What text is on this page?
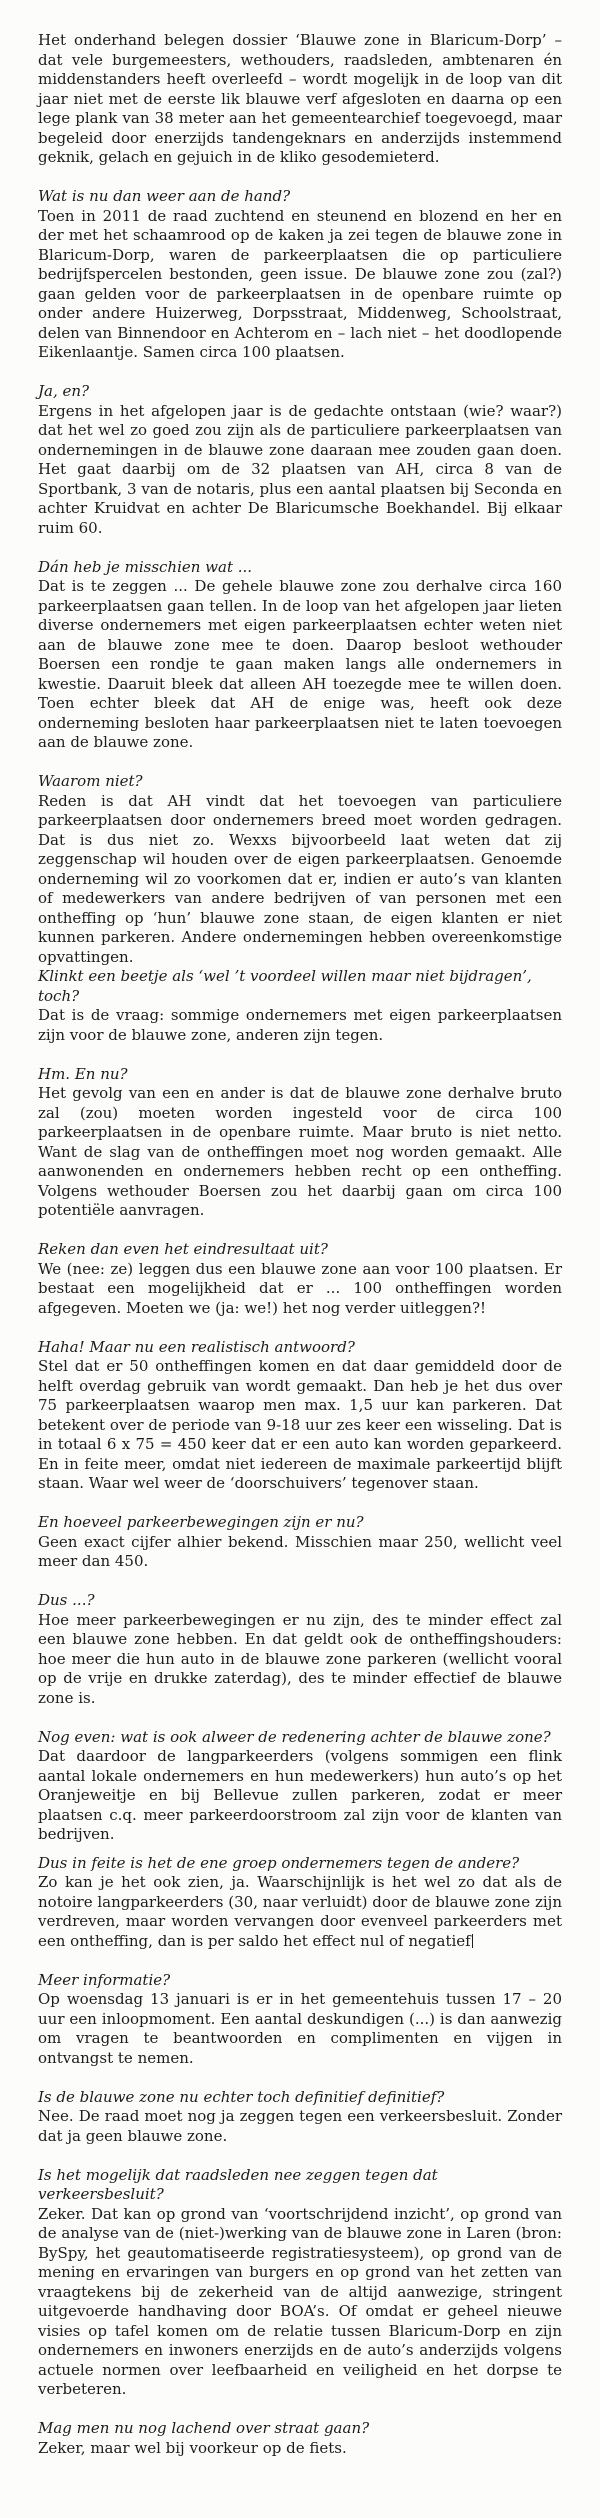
Het onderhand belegen dossier ‘Blauwe zone in Blaricum-Dorp’ – dat vele burgemeesters, wethouders, raadsleden, ambtenaren én middenstanders heeft overleefd – wordt mogelijk in de loop van dit jaar niet met de eerste lik blauwe verf afgesloten en daarna op een lege plank van 38 meter aan het gemeentearchief toegevoegd, maar begeleid door enerzijds tandengeknars en anderzijds instemmend geknik, gelach en gejuich in de kliko gesodemieterd.

Wat is nu dan weer aan de hand?

Toen in 2011 de raad zuchtend en steunend en blozend en her en der met het schaamrood op de kaken ja zei tegen de blauwe zone in Blaricum-Dorp, waren de parkeerplaatsen die op particuliere bedrijfspercelen bestonden, geen issue. De blauwe zone zou (zal?) gaan gelden voor de parkeerplaatsen in de openbare ruimte op onder andere Huizerweg, Dorpsstraat, Middenweg, Schoolstraat, delen van Binnendoor en Achterom en – lach niet – het doodlopende Eikenlaantje. Samen circa 100 plaatsen.

Ja, en?

Ergens in het afgelopen jaar is de gedachte ontstaan (wie? waar?) dat het wel zo goed zou zijn als de particuliere parkeerplaatsen van ondernemingen in de blauwe zone daaraan mee zouden gaan doen. Het gaat daarbij om de 32 plaatsen van AH, circa 8 van de Sportbank, 3 van de notaris, plus een aantal plaatsen bij Seconda en achter Kruidvat en achter De Blaricumsche Boekhandel. Bij elkaar ruim 60.

Dán heb je misschien wat ...

Dat is te zeggen ... De gehele blauwe zone zou derhalve circa 160 parkeerplaatsen gaan tellen. In de loop van het afgelopen jaar lieten diverse ondernemers met eigen parkeerplaatsen echter weten niet aan de blauwe zone mee te doen. Daarop besloot wethouder Boersen een rondje te gaan maken langs alle ondernemers in kwestie. Daaruit bleek dat alleen AH toezegde mee te willen doen. Toen echter bleek dat AH de enige was, heeft ook deze onderneming besloten haar parkeerplaatsen niet te laten toevoegen aan de blauwe zone.

Waarom niet?

Reden is dat AH vindt dat het toevoegen van particuliere parkeerplaatsen door ondernemers breed moet worden gedragen. Dat is dus niet zo. Wexxs bijvoorbeeld laat weten dat zij zeggenschap wil houden over de eigen parkeerplaatsen. Genoemde onderneming wil zo voorkomen dat er, indien er auto’s van klanten of medewerkers van andere bedrijven of van personen met een ontheffing op ‘hun’ blauwe zone staan, de eigen klanten er niet kunnen parkeren. Andere ondernemingen hebben overeenkomstige opvattingen.

Klinkt een beetje als ‘wel ’t voordeel willen maar niet bijdragen’, toch?

Dat is de vraag: sommige ondernemers met eigen parkeerplaatsen zijn voor de blauwe zone, anderen zijn tegen.

Hm. En nu?

Het gevolg van een en ander is dat de blauwe zone derhalve bruto zal (zou) moeten worden ingesteld voor de circa 100 parkeerplaatsen in de openbare ruimte. Maar bruto is niet netto. Want de slag van de ontheffingen moet nog worden gemaakt. Alle aanwonenden en ondernemers hebben recht op een ontheffing. Volgens wethouder Boersen zou het daarbij gaan om circa 100 potentiële aanvragen.

Reken dan even het eindresultaat uit?

We (nee: ze) leggen dus een blauwe zone aan voor 100 plaatsen. Er bestaat een mogelijkheid dat er ... 100 ontheffingen worden afgegeven. Moeten we (ja: we!) het nog verder uitleggen?!

Haha! Maar nu een realistisch antwoord?

Stel dat er 50 ontheffingen komen en dat daar gemiddeld door de helft overdag gebruik van wordt gemaakt. Dan heb je het dus over 75 parkeerplaatsen waarop men max. 1,5 uur kan parkeren. Dat betekent over de periode van 9-18 uur zes keer een wisseling. Dat is in totaal 6 x 75 = 450 keer dat er een auto kan worden geparkeerd. En in feite meer, omdat niet iedereen de maximale parkeertijd blijft staan. Waar wel weer de ‘doorschuivers’ tegenover staan.

En hoeveel parkeerbewegingen zijn er nu?

Geen exact cijfer alhier bekend. Misschien maar 250, wellicht veel meer dan 450.

Dus ...?

Hoe meer parkeerbewegingen er nu zijn, des te minder effect zal een blauwe zone hebben. En dat geldt ook de ontheffingshouders: hoe meer die hun auto in de blauwe zone parkeren (wellicht vooral op de vrije en drukke zaterdag), des te minder effectief de blauwe zone is.

Nog even: wat is ook alweer de redenering achter de blauwe zone?

Dat daardoor de langparkeerders (volgens sommigen een flink aantal lokale ondernemers en hun medewerkers) hun auto’s op het Oranjeweitje en bij Bellevue zullen parkeren, zodat er meer plaatsen c.q. meer parkeerdoorstroom zal zijn voor de klanten van bedrijven.

Dus in feite is het de ene groep ondernemers tegen de andere?

Zo kan je het ook zien, ja. Waarschijnlijk is het wel zo dat als de notoire langparkeerders (30, naar verluidt) door de blauwe zone zijn verdreven, maar worden vervangen door evenveel parkeerders met een ontheffing, dan is per saldo het effect nul of negatief

Meer informatie?

Op woensdag 13 januari is er in het gemeentehuis tussen 17 – 20 uur een inloopmoment. Een aantal deskundigen (...) is dan aanwezig om vragen te beantwoorden en complimenten en vijgen in ontvangst te nemen.

Is de blauwe zone nu echter toch definitief definitief?

Nee. De raad moet nog ja zeggen tegen een verkeersbesluit. Zonder dat ja geen blauwe zone.

Is het mogelijk dat raadsleden nee zeggen tegen dat verkeersbesluit?

Zeker. Dat kan op grond van ‘voortschrijdend inzicht’, op grond van de analyse van de (niet-)werking van de blauwe zone in Laren (bron: BySpy, het geautomatiseerde registratiesysteem), op grond van de mening en ervaringen van burgers en op grond van het zetten van vraagtekens bij de zekerheid van de altijd aanwezige, stringent uitgevoerde handhaving door BOA’s. Of omdat er geheel nieuwe visies op tafel komen om de relatie tussen Blaricum-Dorp en zijn ondernemers en inwoners enerzijds en de auto’s anderzijds volgens actuele normen over leefbaarheid en veiligheid en het dorpse te verbeteren.

Mag men nu nog lachend over straat gaan?

Zeker, maar wel bij voorkeur op de fiets.
